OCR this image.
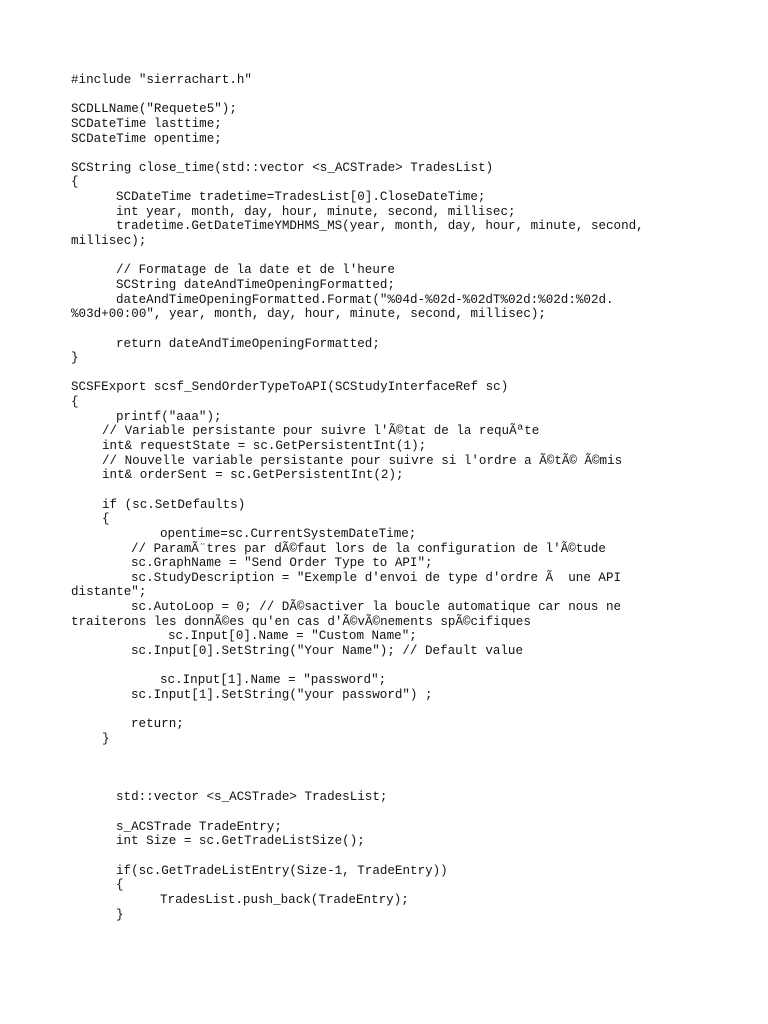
#include "sierrachart.h"
SCDLLName("Requete5");
SCDateTime lasttime;
SCDateTime opentime;
SCString close_time(std::vector <s_ACSTrade> TradesList)
{
SCDateTime tradetime=TradesList[0].CloseDateTime;
int year, month, day, hour, minute, second, millisec;
tradetime.GetDateTimeYMDHMS_MS(year, month, day, hour, minute, second,
millisec);
// Formatage de la date et de l'heure
SCString dateAndTimeOpeningFormatted;
dateAndTimeOpeningFormatted.Format("%04d-%02d-%02dT%02d:%02d:%02d.
%03d+00:00", year, month, day, hour, minute, second, millisec);
return dateAndTimeOpeningFormatted;
}
SCSFExport scsf_SendOrderTypeToAPI(SCStudyInterfaceRef sc)
{
printf("aaa");
// Variable persistante pour suivre l'Ã©tat de la requÃªte
int& requestState = sc.GetPersistentInt(1);
// Nouvelle variable persistante pour suivre si l'ordre a Ã©tÃ© Ã©mis
int& orderSent = sc.GetPersistentInt(2);
if (sc.SetDefaults)
{
opentime=sc.CurrentSystemDateTime;
// ParamÃ¨tres par dÃ©faut lors de la configuration de l'Ã©tude
sc.GraphName = "Send Order Type to API";
sc.StudyDescription = "Exemple d'envoi de type d'ordre Ã  une API
distante";
sc.AutoLoop = 0; // DÃ©sactiver la boucle automatique car nous ne
traiterons les donnÃ©es qu'en cas d'Ã©vÃ©nements spÃ©cifiques
sc.Input[0].Name = "Custom Name";
sc.Input[0].SetString("Your Name"); // Default value
sc.Input[1].Name = "password";
sc.Input[1].SetString("your password") ;
return;
}
std::vector <s_ACSTrade> TradesList;
s_ACSTrade TradeEntry;
int Size = sc.GetTradeListSize();
if(sc.GetTradeListEntry(Size-1, TradeEntry))
{
TradesList.push_back(TradeEntry);
}
